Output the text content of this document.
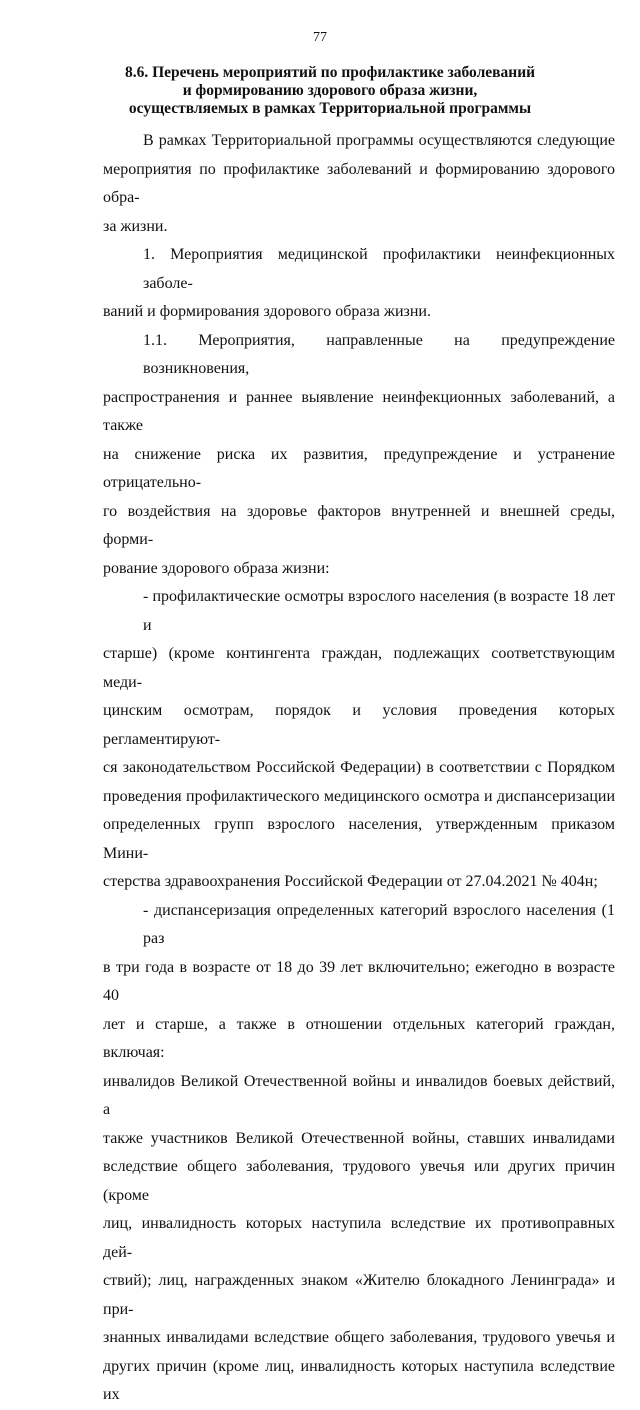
77
8.6. Перечень мероприятий по профилактике заболеваний
и формированию здорового образа жизни,
осуществляемых в рамках Территориальной программы
В рамках Территориальной программы осуществляются следующие
мероприятия по профилактике заболеваний и формированию здорового обра-
за жизни.
1. Мероприятия медицинской профилактики неинфекционных заболе-
ваний и формирования здорового образа жизни.
1.1. Мероприятия, направленные на предупреждение возникновения,
распространения и раннее выявление неинфекционных заболеваний, а также
на снижение риска их развития, предупреждение и устранение отрицательно-
го воздействия на здоровье факторов внутренней и внешней среды, форми-
рование здорового образа жизни:
- профилактические осмотры взрослого населения (в возрасте 18 лет и
старше) (кроме контингента граждан, подлежащих соответствующим меди-
цинским осмотрам, порядок и условия проведения которых регламентируют-
ся законодательством Российской Федерации) в соответствии с Порядком
проведения профилактического медицинского осмотра и диспансеризации
определенных групп взрослого населения, утвержденным приказом Мини-
стерства здравоохранения Российской Федерации от 27.04.2021 № 404н;
- диспансеризация определенных категорий взрослого населения (1 раз
в три года в возрасте от 18 до 39 лет включительно; ежегодно в возрасте 40
лет и старше, а также в отношении отдельных категорий граждан, включая:
инвалидов Великой Отечественной войны и инвалидов боевых действий, а
также участников Великой Отечественной войны, ставших инвалидами
вследствие общего заболевания, трудового увечья или других причин (кроме
лиц, инвалидность которых наступила вследствие их противоправных дей-
ствий); лиц, награжденных знаком «Жителю блокадного Ленинграда» и при-
знанных инвалидами вследствие общего заболевания, трудового увечья и
других причин (кроме лиц, инвалидность которых наступила вследствие их
